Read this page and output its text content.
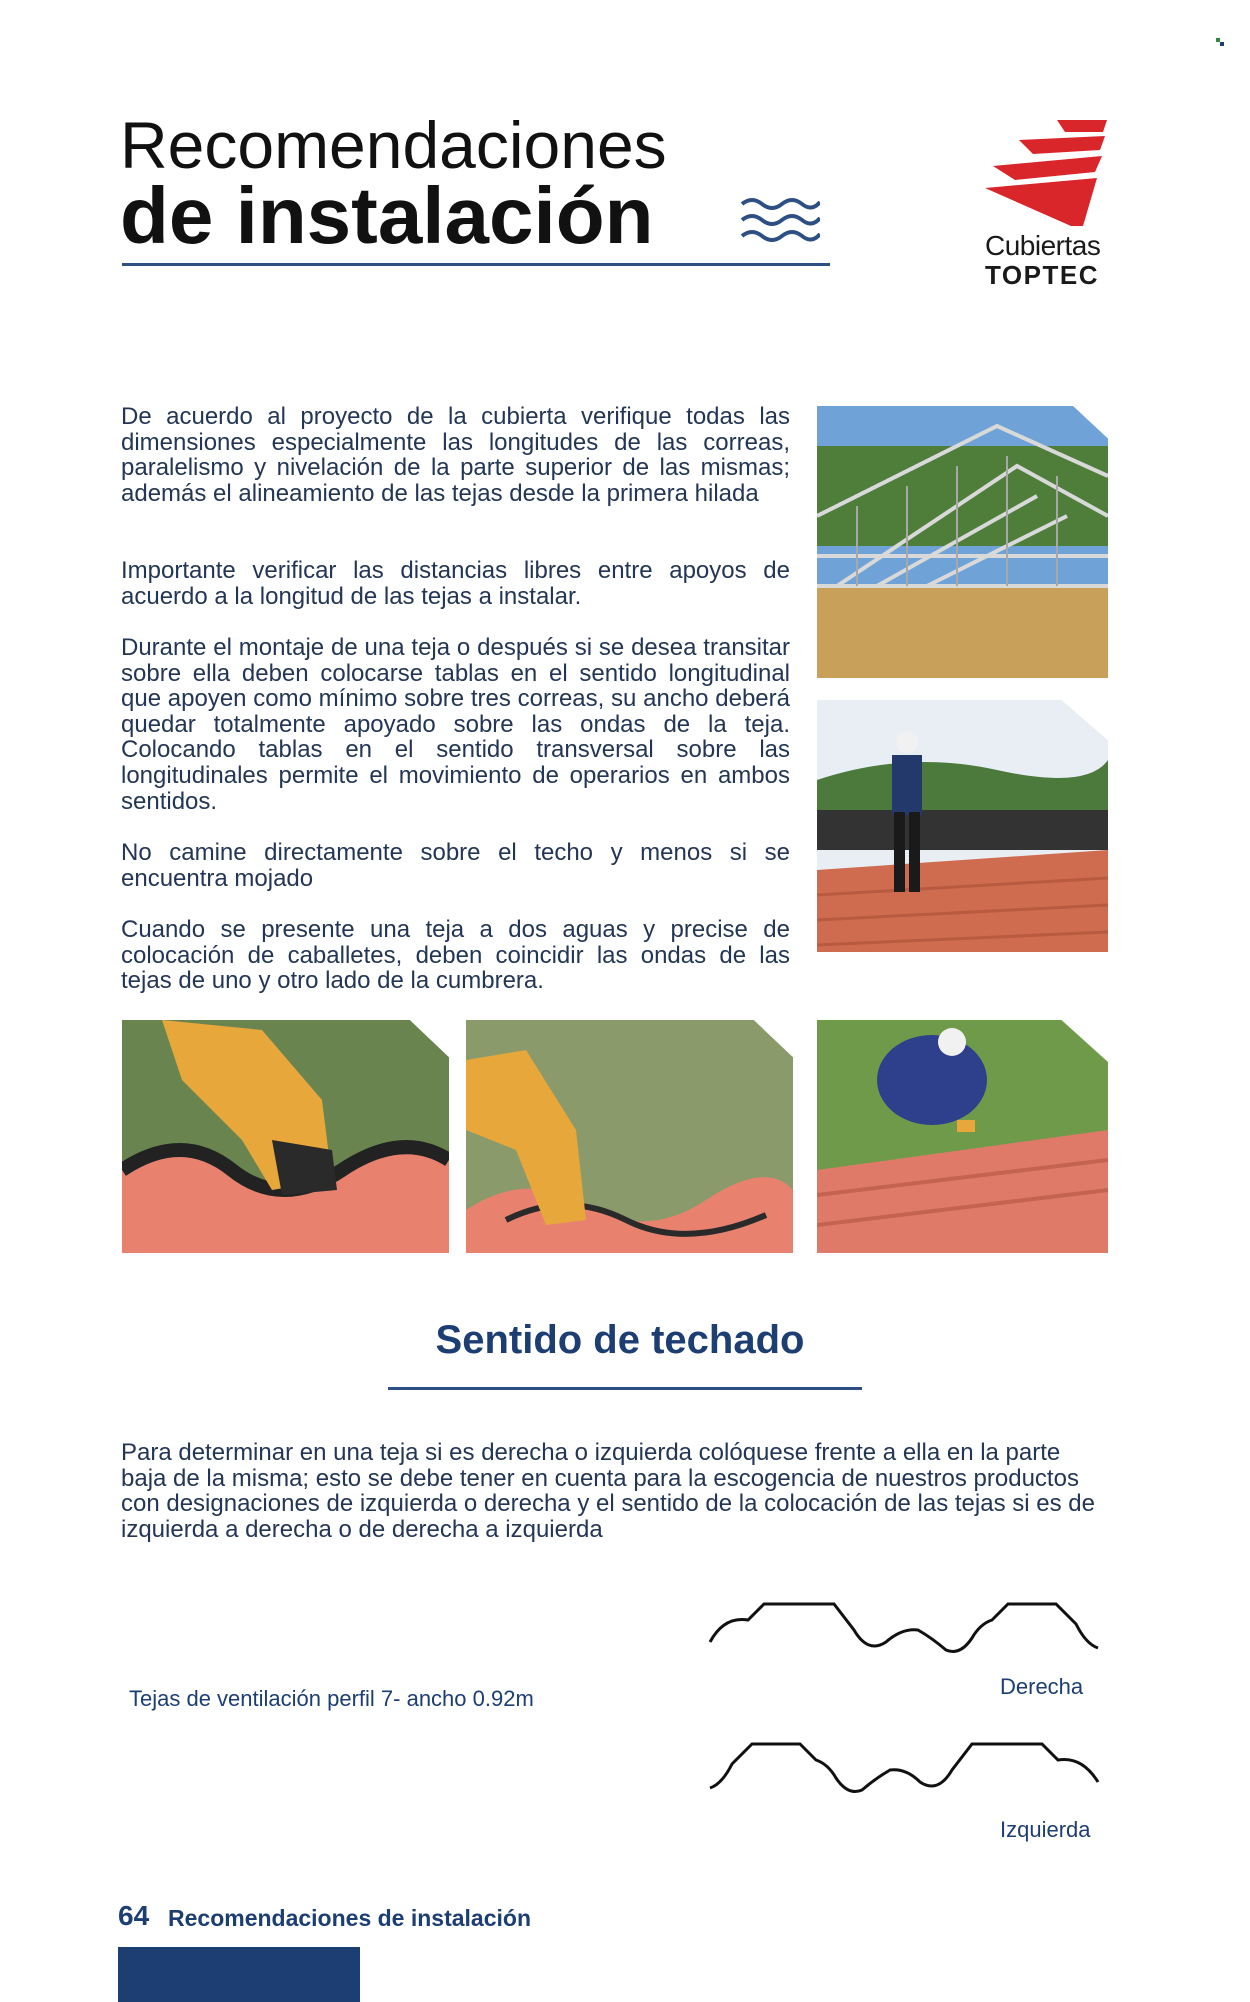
Recomendaciones
de instalación	Cubiertas
TOPTEC
De acuerdo al proyecto de la cubierta verifique todas las dimensiones especialmente las longitudes de las correas, paralelismo y nivelación de la parte superior de las mismas; además el alineamiento de las tejas desde la primera hilada
Importante verificar las distancias libres entre apoyos de acuerdo a la longitud de las tejas a instalar.
Durante el montaje de una teja o después si se desea transitar sobre ella deben colocarse tablas en el sentido longitudinal que apoyen como mínimo sobre tres correas, su ancho deberá quedar totalmente apoyado sobre las ondas de la teja. Colocando tablas en el sentido transversal sobre las longitudinales permite el movimiento de operarios en ambos sentidos.
No camine directamente sobre el techo y menos si se encuentra mojado
Cuando se presente una teja a dos aguas y precise de colocación de caballetes, deben coincidir las ondas de las tejas de uno y otro lado de la cumbrera.
Sentido de techado
Para determinar en una teja si es derecha o izquierda colóquese frente a ella en la parte baja de la misma; esto se debe tener en cuenta para la escogencia de nuestros productos con designaciones de izquierda o derecha y el sentido de la colocación de las tejas si es de izquierda a derecha o de derecha a izquierda
Tejas de ventilación perfil 7- ancho 0.92m	Derecha
Izquierda
64 Recomendaciones de instalación
